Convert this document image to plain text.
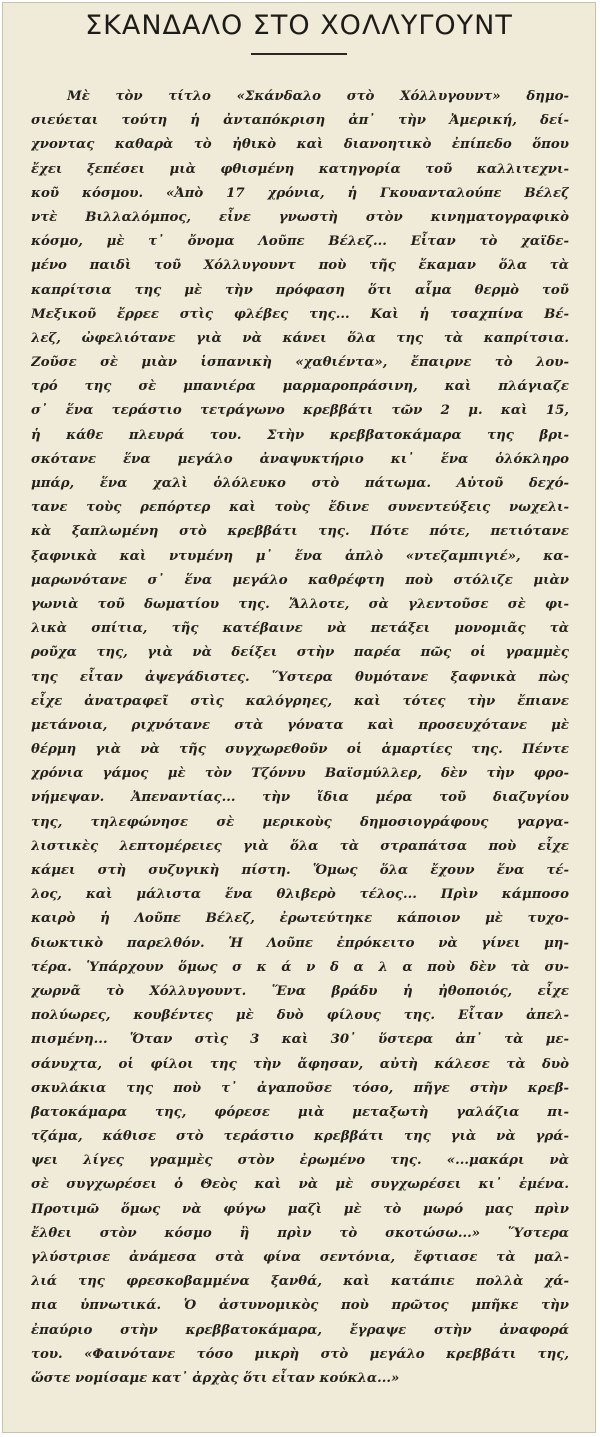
ΣΚΑΝΔΑΛΟ ΣΤΟ ΧΟΛΛΥΓΟΥΝΤ
Μὲ τὸν τίτλο «Σκάνδαλο στὸ Χόλλυγουντ» δημο-
σιεύεται τούτη ἡ ἀνταπόκριση ἀπ᾽ τὴν Ἀμερική, δεί-
χνοντας καθαρὰ τὸ ἠθικὸ καὶ διανοητικὸ ἐπίπεδο ὅπου
ἔχει ξεπέσει μιὰ φθισμένη κατηγορία τοῦ καλλιτεχνι-
κοῦ κόσμου. «Ἀπὸ 17 χρόνια, ἡ Γκουανταλούπε Βέλεζ
ντὲ Βιλλαλόμπος, εἶνε γνωστὴ στὸν κινηματογραφικὸ
κόσμο, μὲ τ᾽ ὄνομα Λοῦπε Βέλεζ... Εἶταν τὸ χαϊδε-
μένο παιδὶ τοῦ Χόλλυγουντ ποὺ τῆς ἔκαμαν ὅλα τὰ
καπρίτσια της μὲ τὴν πρόφαση ὅτι αἷμα θερμὸ τοῦ
Μεξικοῦ ἔρρεε στὶς φλέβες της... Καὶ ἡ τσαχπίνα Βέ-
λεζ, ὠφελιότανε γιὰ νὰ κάνει ὅλα της τὰ καπρίτσια.
Ζοῦσε σὲ μιὰν ἱσπανικὴ «χαθιέντα», ἔπαιρνε τὸ λου-
τρό της σὲ μπανιέρα μαρμαροπράσινη, καὶ πλάγιαζε
σ᾽ ἕνα τεράστιο τετράγωνο κρεββάτι τῶν 2 μ. καὶ 15,
ἡ κάθε πλευρά του. Στὴν κρεββατοκάμαρα της βρι-
σκότανε ἕνα μεγάλο ἀναψυκτήριο κι᾽ ἕνα ὁλόκληρο
μπάρ, ἕνα χαλὶ ὁλόλευκο στὸ πάτωμα. Αὐτοῦ δεχό-
τανε τοὺς ρεπόρτερ καὶ τοὺς ἔδινε συνεντεύξεις νωχελι-
κὰ ξαπλωμένη στὸ κρεββάτι της. Πότε πότε, πετιότανε
ξαφνικὰ καὶ ντυμένη μ᾽ ἕνα ἁπλὸ «ντεζαμπιγιέ», κα-
μαρωνότανε σ᾽ ἕνα μεγάλο καθρέφτη ποὺ στόλιζε μιὰν
γωνιὰ τοῦ δωματίου της. Ἄλλοτε, σὰ γλεντοῦσε σὲ φι-
λικὰ σπίτια, τῆς κατέβαινε νὰ πετάξει μονομιᾶς τὰ
ροῦχα της, γιὰ νὰ δείξει στὴν παρέα πῶς οἱ γραμμὲς
της εἶταν ἀψεγάδιστες. Ὕστερα θυμότανε ξαφνικὰ πὼς
εἶχε ἀνατραφεῖ στὶς καλόγρηες, καὶ τότες τὴν ἔπιανε
μετάνοια, ριχνότανε στὰ γόνατα καὶ προσευχότανε μὲ
θέρμη γιὰ νὰ τῆς συγχωρεθοῦν οἱ ἁμαρτίες της. Πέντε
χρόνια γάμος μὲ τὸν Τζόννυ Βαϊσμύλλερ, δὲν τὴν φρο-
νήμεψαν. Ἀπεναντίας... τὴν ἴδια μέρα τοῦ διαζυγίου
της, τηλεφώνησε σὲ μερικοὺς δημοσιογράφους γαργα-
λιστικὲς λεπτομέρειες γιὰ ὅλα τὰ στραπάτσα ποὺ εἶχε
κάμει στὴ συζυγικὴ πίστη. Ὅμως ὅλα ἔχουν ἕνα τέ-
λος, καὶ μάλιστα ἕνα θλιβερὸ τέλος... Πρὶν κάμποσο
καιρὸ ἡ Λοῦπε Βέλεζ, ἐρωτεύτηκε κάποιον μὲ τυχο-
διωκτικὸ παρελθόν. Ἡ Λοῦπε ἐπρόκειτο νὰ γίνει μη-
τέρα. Ὑπάρχουν ὅμως σ κ ά ν δ α λ α ποὺ δὲν τὰ συ-
χωρνᾶ τὸ Χόλλυγουντ. Ἕνα βράδυ ἡ ἠθοποιός, εἶχε
πολύωρες, κουβέντες μὲ δυὸ φίλους της. Εἶταν ἀπελ-
πισμένη... Ὅταν στὶς 3 καὶ 30᾽ ὕστερα ἀπ᾽ τὰ με-
σάνυχτα, οἱ φίλοι της τὴν ἄφησαν, αὐτὴ κάλεσε τὰ δυὸ
σκυλάκια της ποὺ τ᾽ ἀγαποῦσε τόσο, πῆγε στὴν κρεβ-
βατοκάμαρα της, φόρεσε μιὰ μεταξωτὴ γαλάζια πι-
τζάμα, κάθισε στὸ τεράστιο κρεββάτι της γιὰ νὰ γρά-
ψει λίγες γραμμὲς στὸν ἐρωμένο της. «...μακάρι νὰ
σὲ συγχωρέσει ὁ Θεὸς καὶ νὰ μὲ συγχωρέσει κι᾽ ἐμένα.
Προτιμῶ ὅμως νὰ φύγω μαζὶ μὲ τὸ μωρό μας πρὶν
ἔλθει στὸν κόσμο ἢ πρὶν τὸ σκοτώσω...» Ὕστερα
γλύστρισε ἀνάμεσα στὰ φίνα σεντόνια, ἔφτιασε τὰ μαλ-
λιά της φρεσκοβαμμένα ξανθά, καὶ κατάπιε πολλὰ χά-
πια ὑπνωτικά. Ὁ ἀστυνομικὸς ποὺ πρῶτος μπῆκε τὴν
ἐπαύριο στὴν κρεββατοκάμαρα, ἔγραψε στὴν ἀναφορά
του. «Φαινότανε τόσο μικρὴ στὸ μεγάλο κρεββάτι της,
ὥστε νομίσαμε κατ᾽ ἀρχὰς ὅτι εἶταν κούκλα...»
